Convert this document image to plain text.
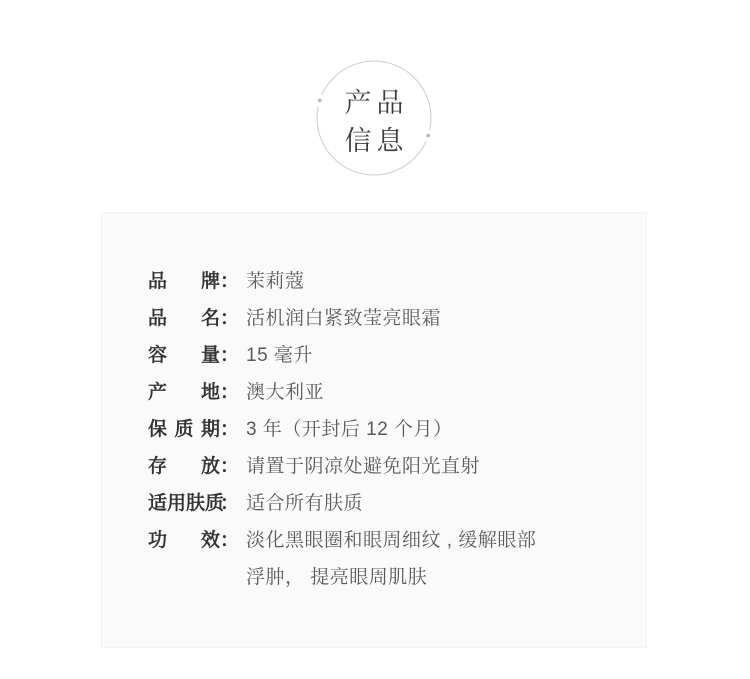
产品
信息
品牌 ： 茉莉蔻
品名 ： 活机润白紧致莹亮眼霜
容量 ： 15 毫升
产地 ： 澳大利亚
保质期 ： 3 年（开封后 12 个月）
存放 ： 请置于阴凉处避免阳光直射
适用肤质
： 适合所有肤质
功效 ： 淡化黑眼圈和眼周细纹 , 缓解眼部
浮肿， 提亮眼周肌肤
